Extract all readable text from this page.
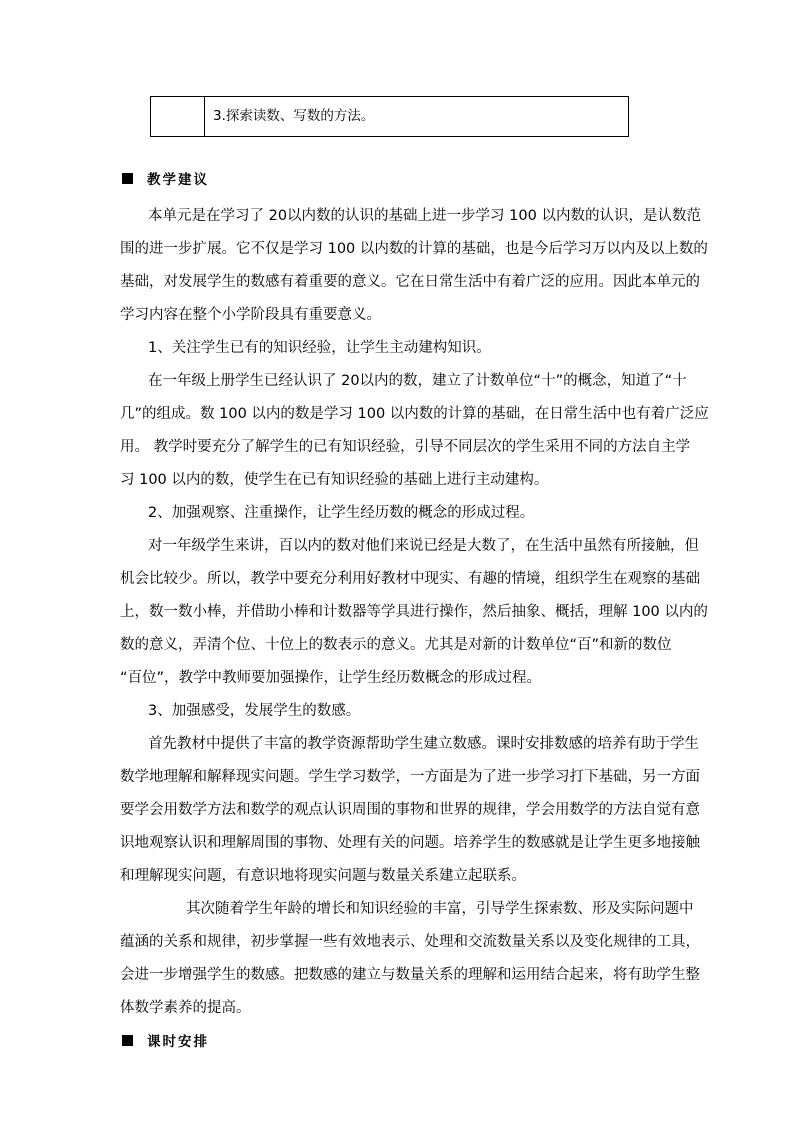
3.探索读数、写数的方法。
教学建议
本单元是在学习了 20以内数的认识的基础上进一步学习 100 以内数的认识，是认数范
围的进一步扩展。它不仅是学习 100 以内数的计算的基础，也是今后学习万以内及以上数的
基础，对发展学生的数感有着重要的意义。它在日常生活中有着广泛的应用。因此本单元的
学习内容在整个小学阶段具有重要意义。
1、关注学生已有的知识经验，让学生主动建构知识。
在一年级上册学生已经认识了 20以内的数，建立了计数单位“十”的概念，知道了“十
几”的组成。数 100 以内的数是学习 100 以内数的计算的基础，在日常生活中也有着广泛应
用。 教学时要充分了解学生的已有知识经验，引导不同层次的学生采用不同的方法自主学
习 100 以内的数，使学生在已有知识经验的基础上进行主动建构。
2、加强观察、注重操作，让学生经历数的概念的形成过程。
对一年级学生来讲，百以内的数对他们来说已经是大数了，在生活中虽然有所接触，但
机会比较少。所以，教学中要充分利用好教材中现实、有趣的情境，组织学生在观察的基础
上，数一数小棒，并借助小棒和计数器等学具进行操作，然后抽象、概括，理解 100 以内的
数的意义，弄清个位、十位上的数表示的意义。尤其是对新的计数单位“百”和新的数位
“百位”，教学中教师要加强操作，让学生经历数概念的形成过程。
3、加强感受，发展学生的数感。
首先教材中提供了丰富的教学资源帮助学生建立数感。课时安排数感的培养有助于学生
数学地理解和解释现实问题。学生学习数学，一方面是为了进一步学习打下基础，另一方面
要学会用数学方法和数学的观点认识周围的事物和世界的规律，学会用数学的方法自觉有意
识地观察认识和理解周围的事物、处理有关的问题。培养学生的数感就是让学生更多地接触
和理解现实问题，有意识地将现实问题与数量关系建立起联系。
其次随着学生年龄的增长和知识经验的丰富，引导学生探索数、形及实际问题中
蕴涵的关系和规律，初步掌握一些有效地表示、处理和交流数量关系以及变化规律的工具，
会进一步增强学生的数感。把数感的建立与数量关系的理解和运用结合起来，将有助学生整
体数学素养的提高。
课时安排
